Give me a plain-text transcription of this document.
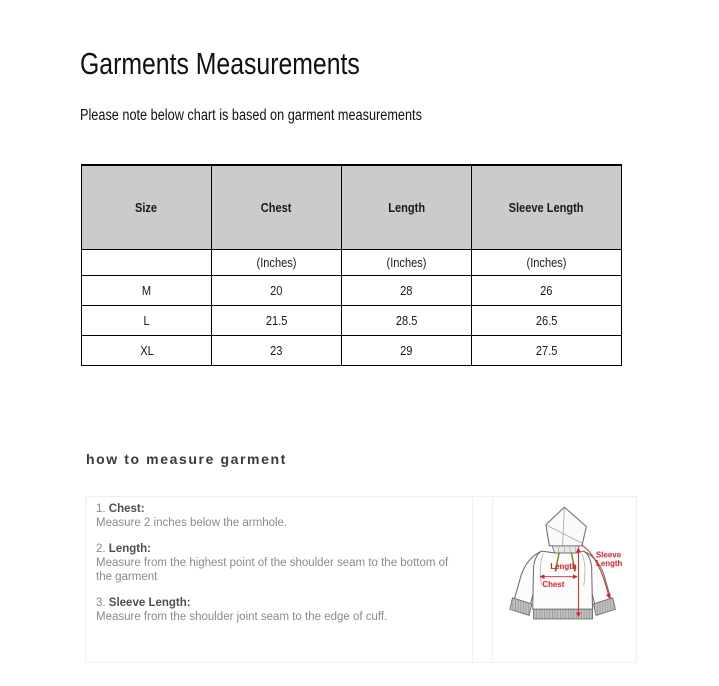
Garments Measurements

Please note below chart is based on garment measurements

Size	Chest	Length	Sleeve Length
	(Inches)	(Inches)	(Inches)
M	20	28	26
L	21.5	28.5	26.5
XL	23	29	27.5
how to measure garment
1. Chest:
Measure 2 inches below the armhole.
2. Length:
Measure from the highest point of the shoulder seam to the bottom of the garment
3. Sleeve Length:
Measure from the shoulder joint seam to the edge of cuff.
Length
Chest
Sleeve
Length
